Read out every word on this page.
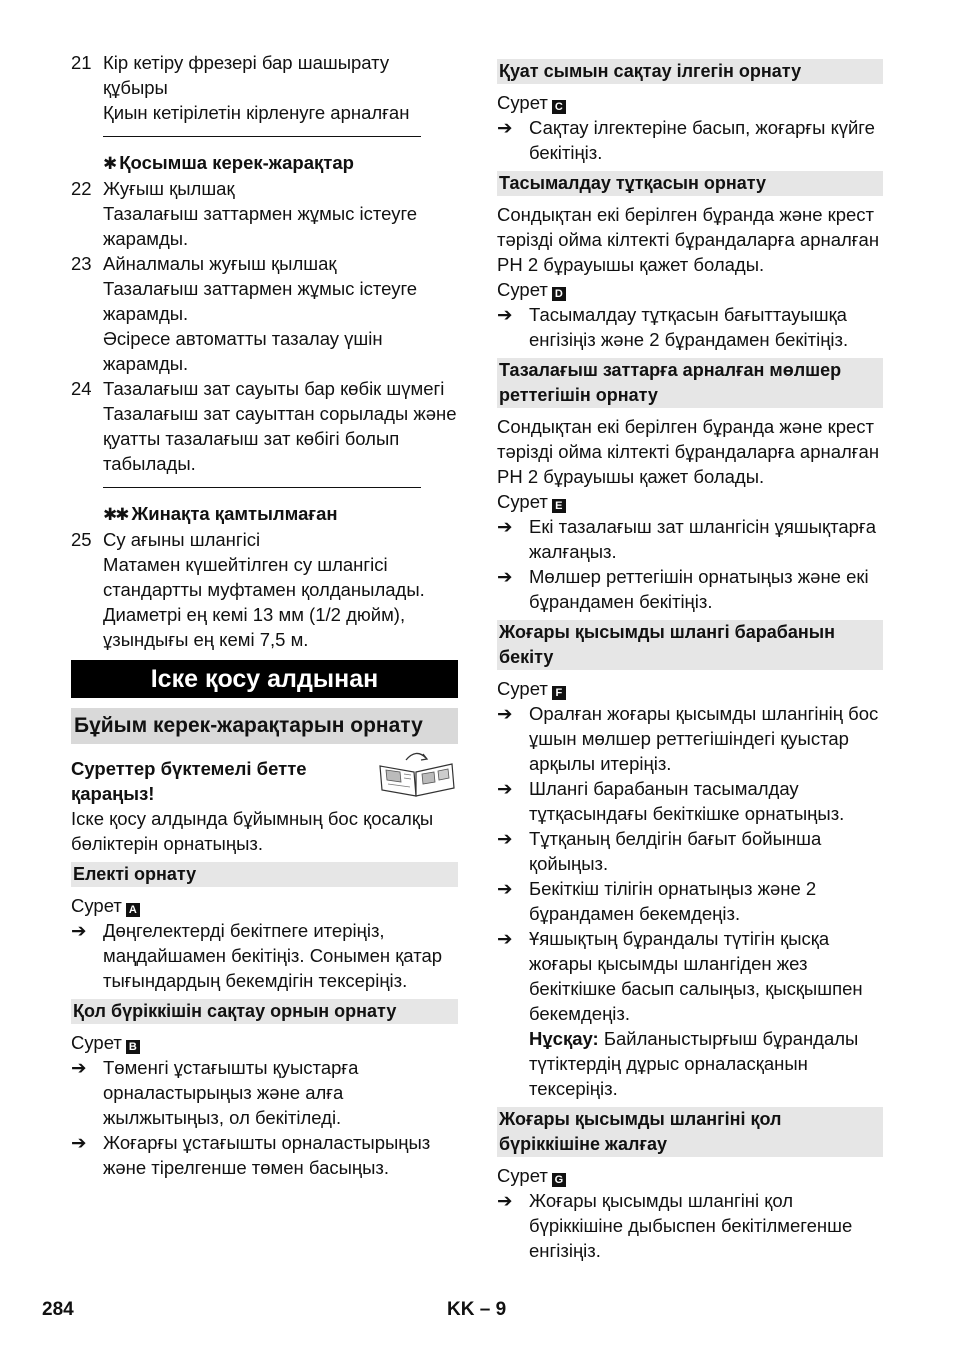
21 Кір кетіру фрезері бар шашырату құбыры
Қиын кетірілетін кірленуге арналған
✱ Қосымша керек-жарақтар
22 Жуғыш қылшақ
Тазалағыш заттармен жұмыс істеуге жарамды.
23 Айналмалы жуғыш қылшақ
Тазалағыш заттармен жұмыс істеуге жарамды.
Әсіресе автоматты тазалау үшін жарамды.
24 Тазалағыш зат сауыты бар көбік шүмегі
Тазалағыш зат сауыттан сорылады және қуатты тазалағыш зат көбігі болып табылады.
✱✱ Жинақта қамтылмаған
25 Су ағыны шлангісі
Матамен күшейтілген су шлангісі стандартты муфтамен қолданылады. Диаметрі ең кемі 13 мм (1/2 дюйм), ұзындығы ең кемі 7,5 м.
Іске қосу алдынан
Бұйым керек-жарақтарын орнату
Суреттер бүктемелі бетте қараңыз!
Іске қосу алдында бұйымның бос қосалқы бөліктерін орнатыңыз.
Електі орнату
Сурет A
➔ Дөңгелектерді бекітпеге итеріңіз, маңдайшамен бекітіңіз. Сонымен қатар тығындардың бекемдігін тексеріңіз.
Қол бүріккішін сақтау орнын орнату
Сурет B
➔ Төменгі ұстағышты қуыстарға орналастырыңыз және алға жылжытыңыз, ол бекітіледі.
➔ Жоғарғы ұстағышты орналастырыңыз және тірелгенше төмен басыңыз.
Қуат сымын сақтау ілгегін орнату
Сурет C
➔ Сақтау ілгектеріне басып, жоғарғы күйге бекітіңіз.
Тасымалдау тұтқасын орнату
Сондықтан екі берілген бұранда және крест тәрізді ойма кілтекті бұрандаларға арналған PH 2 бұрауышы қажет болады.
Сурет D
➔ Тасымалдау тұтқасын бағыттауышқа енгізіңіз және 2 бұрандамен бекітіңіз.
Тазалағыш заттарға арналған мөлшер реттегішін орнату
Сондықтан екі берілген бұранда және крест тәрізді ойма кілтекті бұрандаларға арналған PH 2 бұрауышы қажет болады.
Сурет E
➔ Екі тазалағыш зат шлангісін ұяшықтарға жалғаңыз.
➔ Мөлшер реттегішін орнатыңыз және екі бұрандамен бекітіңіз.
Жоғары қысымды шлангі барабанын бекіту
Сурет F
➔ Оралған жоғары қысымды шлангінің бос ұшын мөлшер реттегішіндегі қуыстар арқылы итеріңіз.
➔ Шлангі барабанын тасымалдау тұтқасындағы бекіткішке орнатыңыз.
➔ Тұтқаның белдігін бағыт бойынша қойыңыз.
➔ Бекіткіш тілігін орнатыңыз және 2 бұрандамен бекемдеңіз.
➔ Ұяшықтың бұрандалы түтігін қысқа жоғары қысымды шлангіден жез бекіткішке басып салыңыз, қысқышпен бекемдеңіз.
Нұсқау: Байланыстырғыш бұрандалы түтіктердің дұрыс орналасқанын тексеріңіз.
Жоғары қысымды шлангіні қол бүріккішіне жалғау
Сурет G
➔ Жоғары қысымды шлангіні қол бүріккішіне дыбыспен бекітілмегенше енгізіңіз.
284	KK – 9
